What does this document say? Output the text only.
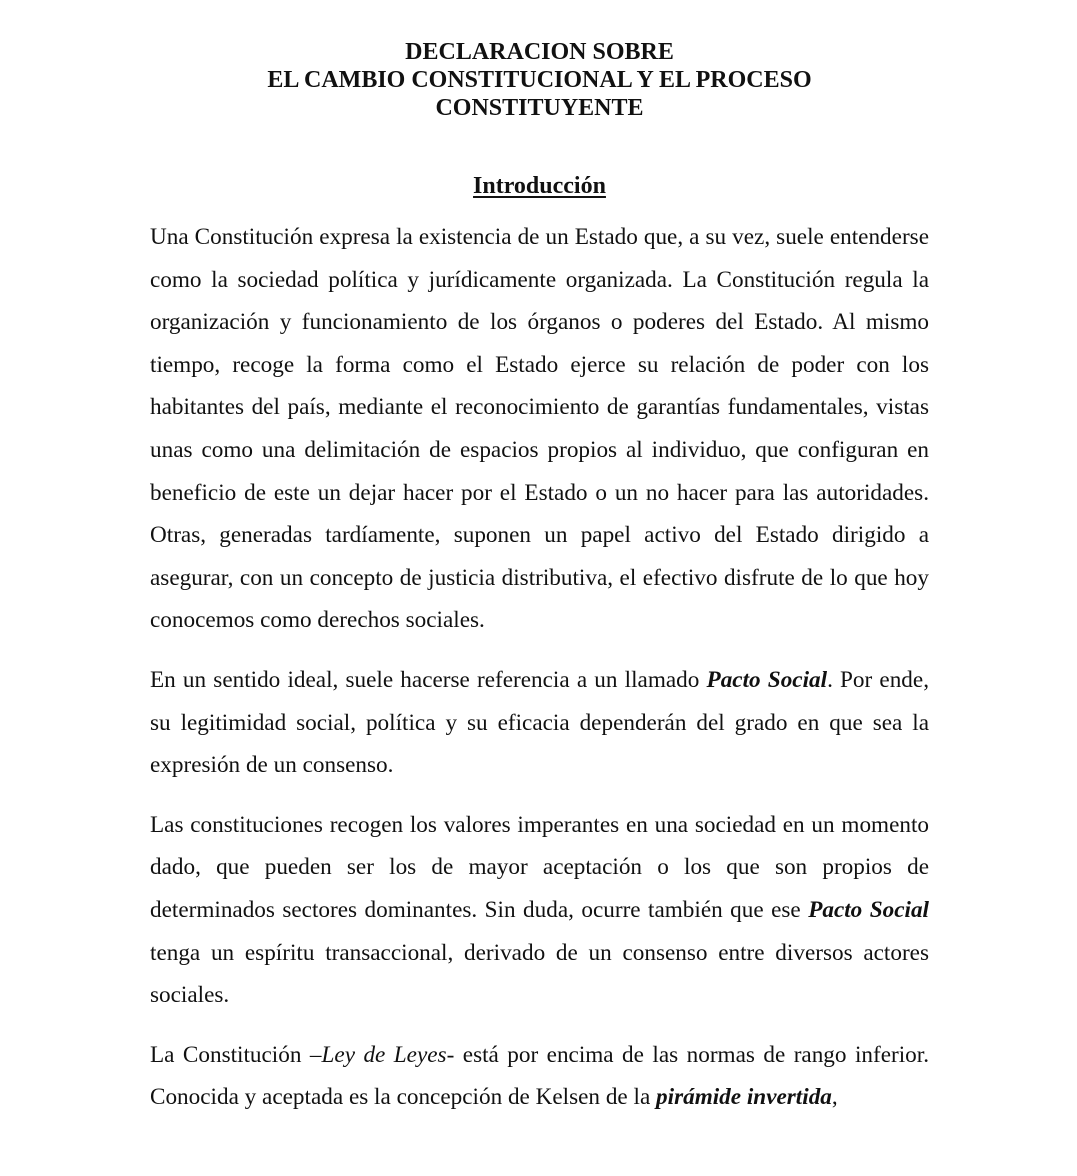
DECLARACION SOBRE
EL CAMBIO CONSTITUCIONAL Y EL PROCESO
CONSTITUYENTE
Introducción

Una Constitución expresa la existencia de un Estado que, a su vez, suele entenderse como la sociedad política y jurídicamente organizada. La Constitución regula la organización y funcionamiento de los órganos o poderes del Estado. Al mismo tiempo, recoge la forma como el Estado ejerce su relación de poder con los habitantes del país, mediante el reconocimiento de garantías fundamentales, vistas unas como una delimitación de espacios propios al individuo, que configuran en beneficio de este un dejar hacer por el Estado o un no hacer para las autoridades. Otras, generadas tardíamente, suponen un papel activo del Estado dirigido a asegurar, con un concepto de justicia distributiva, el efectivo disfrute de lo que hoy conocemos como derechos sociales.

En un sentido ideal, suele hacerse referencia a un llamado Pacto Social. Por ende, su legitimidad social, política y su eficacia dependerán del grado en que sea la expresión de un consenso.

Las constituciones recogen los valores imperantes en una sociedad en un momento dado, que pueden ser los de mayor aceptación o los que son propios de determinados sectores dominantes. Sin duda, ocurre también que ese Pacto Social tenga un espíritu transaccional, derivado de un consenso entre diversos actores sociales.

La Constitución –Ley de Leyes- está por encima de las normas de rango inferior. Conocida y aceptada es la concepción de Kelsen de la pirámide invertida,
